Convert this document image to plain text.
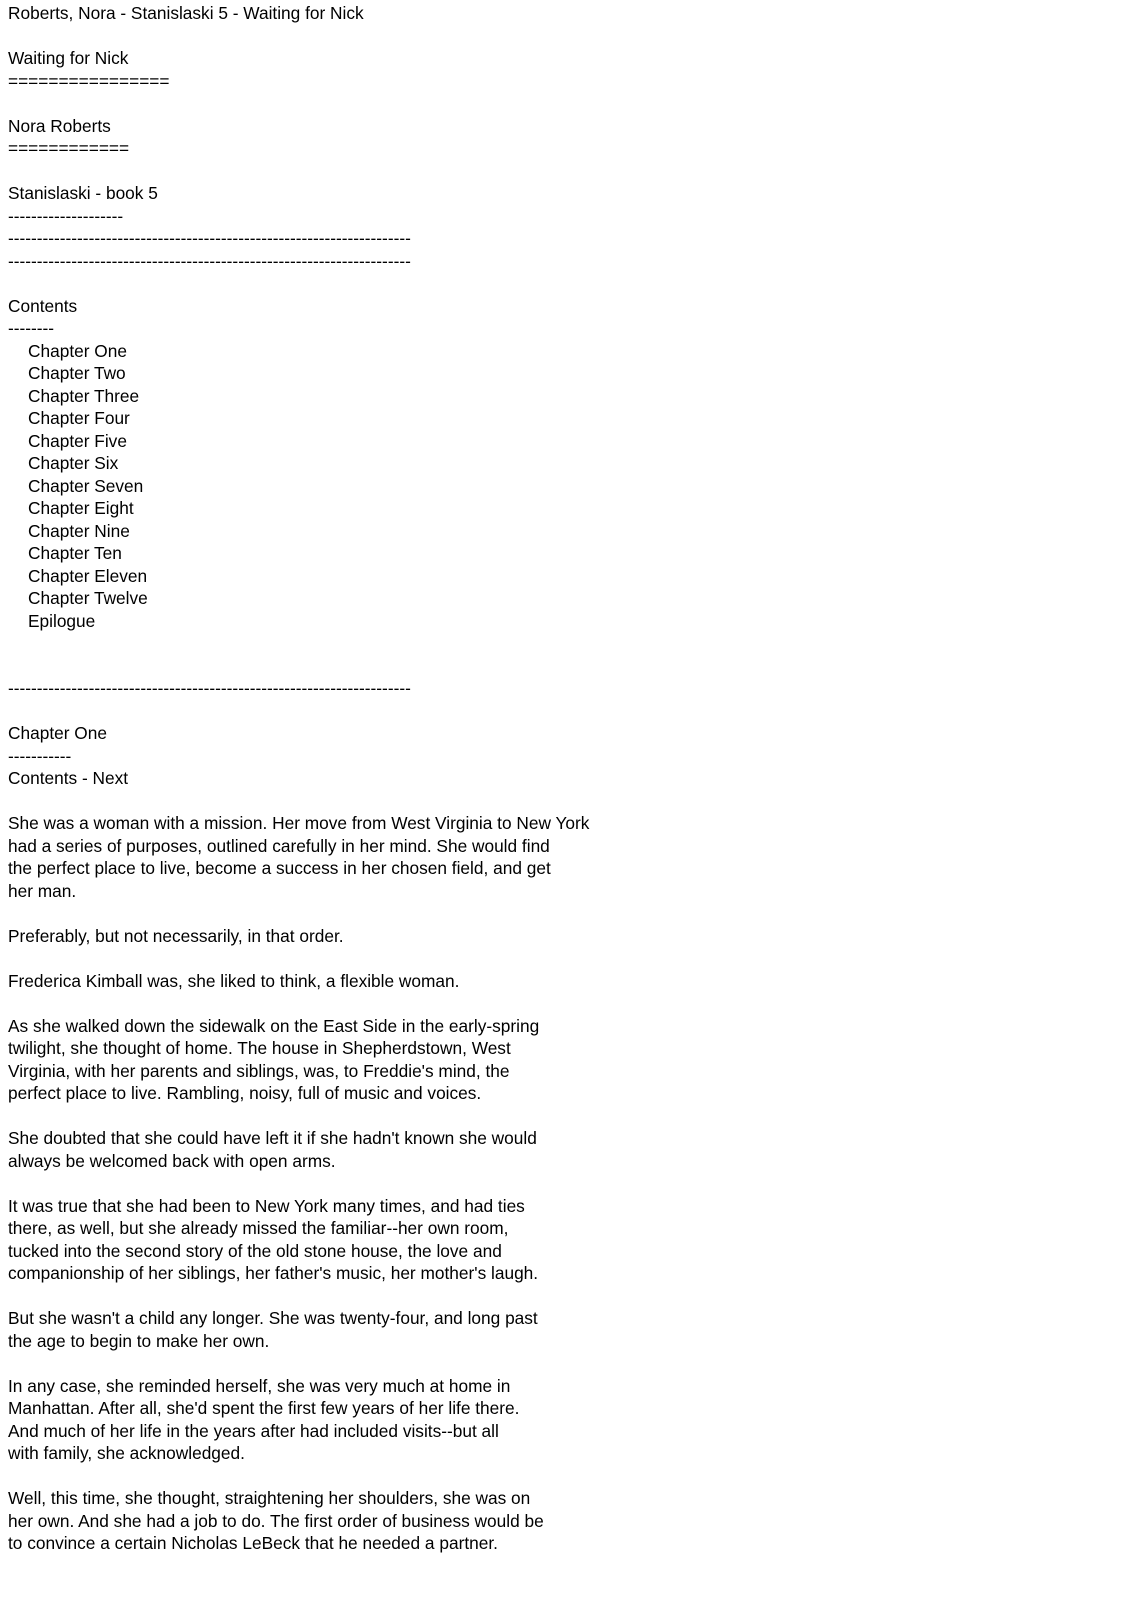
Roberts, Nora - Stanislaski 5 - Waiting for Nick
Waiting for Nick
================
Nora Roberts
============
Stanislaski - book 5
--------------------
----------------------------------------------------------------------
----------------------------------------------------------------------
Contents
--------
Chapter One
Chapter Two
Chapter Three
Chapter Four
Chapter Five
Chapter Six
Chapter Seven
Chapter Eight
Chapter Nine
Chapter Ten
Chapter Eleven
Chapter Twelve
Epilogue
----------------------------------------------------------------------
Chapter One
-----------
Contents - Next
She was a woman with a mission. Her move from West Virginia to New York
had a series of purposes, outlined carefully in her mind. She would find
the perfect place to live, become a success in her chosen field, and get
her man.
Preferably, but not necessarily, in that order.
Frederica Kimball was, she liked to think, a flexible woman.
As she walked down the sidewalk on the East Side in the early-spring
twilight, she thought of home. The house in Shepherdstown, West
Virginia, with her parents and siblings, was, to Freddie's mind, the
perfect place to live. Rambling, noisy, full of music and voices.
She doubted that she could have left it if she hadn't known she would
always be welcomed back with open arms.
It was true that she had been to New York many times, and had ties
there, as well, but she already missed the familiar--her own room,
tucked into the second story of the old stone house, the love and
companionship of her siblings, her father's music, her mother's laugh.
But she wasn't a child any longer. She was twenty-four, and long past
the age to begin to make her own.
In any case, she reminded herself, she was very much at home in
Manhattan. After all, she'd spent the first few years of her life there.
And much of her life in the years after had included visits--but all
with family, she acknowledged.
Well, this time, she thought, straightening her shoulders, she was on
her own. And she had a job to do. The first order of business would be
to convince a certain Nicholas LeBeck that he needed a partner.
